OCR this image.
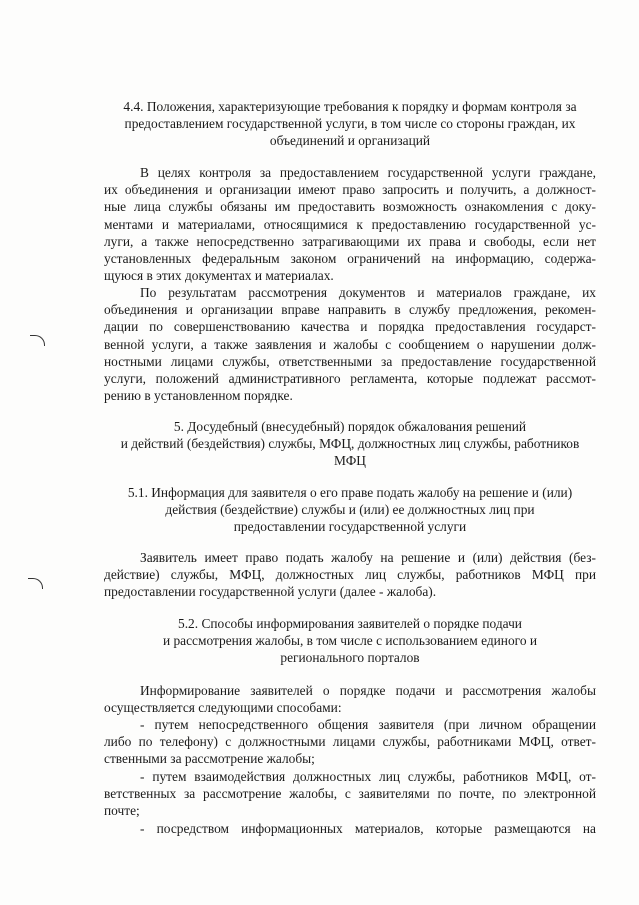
4.4. Положения, характеризующие требования к порядку и формам контроля за
предоставлением государственной услуги, в том числе со стороны граждан, их
объединений и организаций
В целях контроля за предоставлением государственной услуги граждане,
их объединения и организации имеют право запросить и получить, а должност-
ные лица службы обязаны им предоставить возможность ознакомления с доку-
ментами и материалами, относящимися к предоставлению государственной ус-
луги, а также непосредственно затрагивающими их права и свободы, если нет
установленных федеральным законом ограничений на информацию, содержа-
щуюся в этих документах и материалах.
По результатам рассмотрения документов и материалов граждане, их
объединения и организации вправе направить в службу предложения, рекомен-
дации по совершенствованию качества и порядка предоставления государст-
венной услуги, а также заявления и жалобы с сообщением о нарушении долж-
ностными лицами службы, ответственными за предоставление государственной
услуги, положений административного регламента, которые подлежат рассмот-
рению в установленном порядке.
5. Досудебный (внесудебный) порядок обжалования решений
и действий (бездействия) службы, МФЦ, должностных лиц службы, работников
МФЦ
5.1. Информация для заявителя о его праве подать жалобу на решение и (или)
действия (бездействие) службы и (или) ее должностных лиц при
предоставлении государственной услуги
Заявитель имеет право подать жалобу на решение и (или) действия (без-
действие) службы, МФЦ, должностных лиц службы, работников МФЦ при
предоставлении государственной услуги (далее - жалоба).
5.2. Способы информирования заявителей о порядке подачи
и рассмотрения жалобы, в том числе с использованием единого и
регионального порталов
Информирование заявителей о порядке подачи и рассмотрения жалобы
осуществляется следующими способами:
- путем непосредственного общения заявителя (при личном обращении
либо по телефону) с должностными лицами службы, работниками МФЦ, ответ-
ственными за рассмотрение жалобы;
- путем взаимодействия должностных лиц службы, работников МФЦ, от-
ветственных за рассмотрение жалобы, с заявителями по почте, по электронной
почте;
- посредством информационных материалов, которые размещаются на
